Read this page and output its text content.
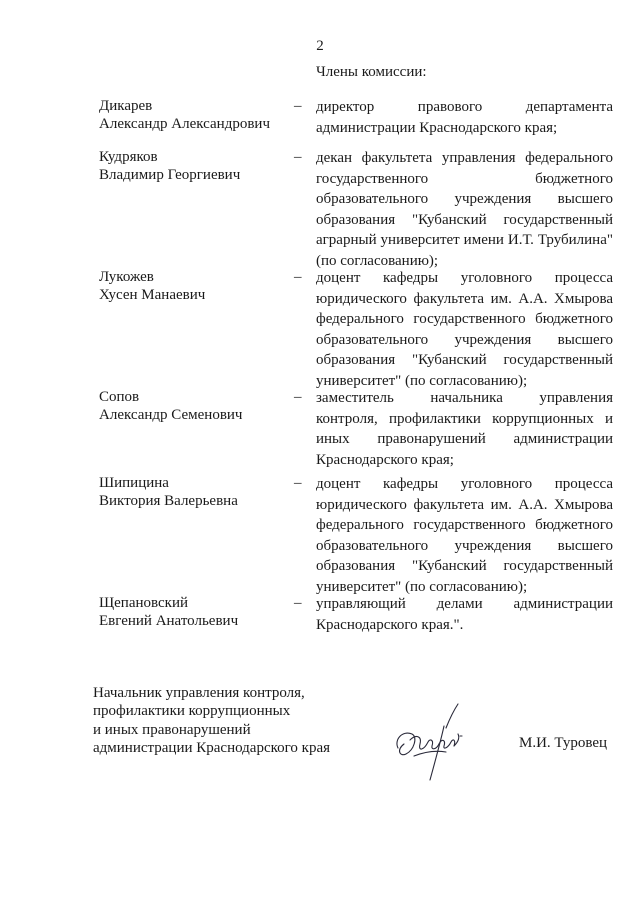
2
Члены комиссии:
Дикарев
Александр Александрович
– директор правового департамента администрации Краснодарского края;
Кудряков
Владимир Георгиевич
– декан факультета управления федерального государственного бюджетного образовательного учреждения высшего образования "Кубанский государственный аграрный университет имени И.Т. Трубилина" (по согласованию);
Лукожев
Хусен Манаевич
– доцент кафедры уголовного процесса юридического факультета им. А.А. Хмырова федерального государственного бюджетного образовательного учреждения высшего образования "Кубанский государственный университет" (по согласованию);
Сопов
Александр Семенович
– заместитель начальника управления контроля, профилактики коррупционных и иных правонарушений администрации Краснодарского края;
Шипицина
Виктория Валерьевна
– доцент кафедры уголовного процесса юридического факультета им. А.А. Хмырова федерального государственного бюджетного образовательного учреждения высшего образования "Кубанский государственный университет" (по согласованию);
Щепановский
Евгений Анатольевич
– управляющий делами администрации Краснодарского края.".
Начальник управления контроля,
профилактики коррупционных
и иных правонарушений
администрации Краснодарского края	М.И. Туровец
